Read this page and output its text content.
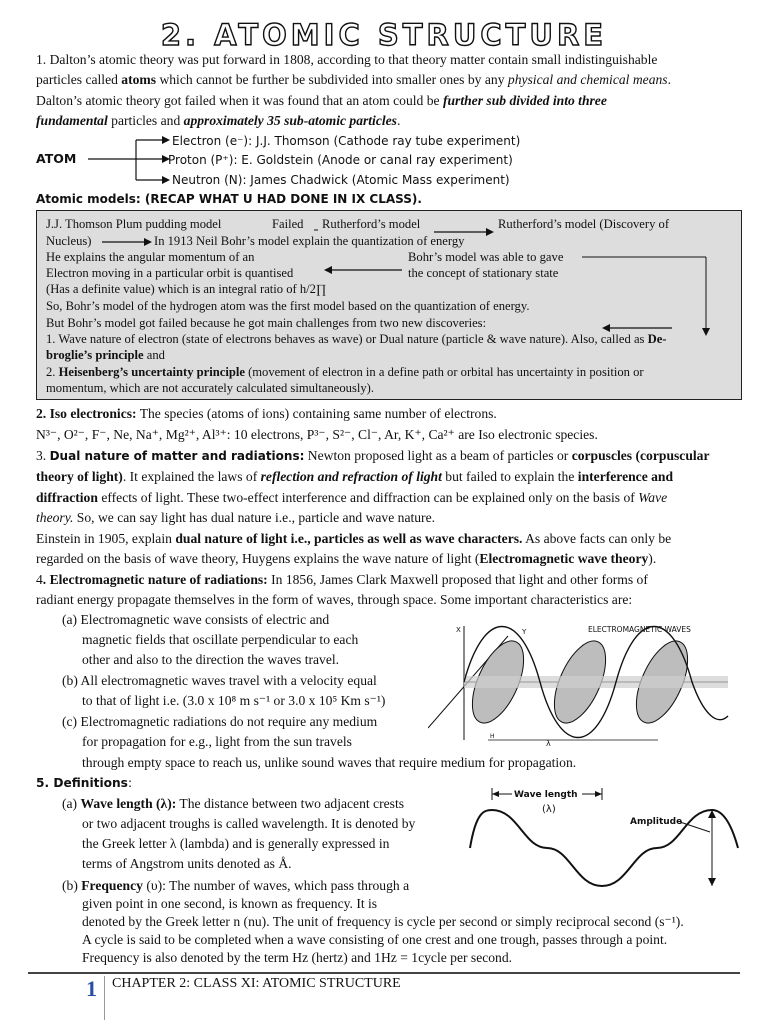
2. ATOMIC STRUCTURE
1. Dalton’s atomic theory was put forward in 1808, according to that theory matter contain small indistinguishable
particles called atoms which cannot be further be subdivided into smaller ones by any physical and chemical means.
Dalton’s atomic theory got failed when it was found that an atom could be further sub divided into three
fundamental particles and approximately 35 sub-atomic particles.
ATOM
Electron (e⁻): J.J. Thomson (Cathode ray tube experiment)
Proton (P⁺): E. Goldstein (Anode or canal ray experiment)
Neutron (N): James Chadwick (Atomic Mass experiment)
Atomic models: (RECAP WHAT U HAD DONE IN IX CLASS).
J.J. Thomson Plum pudding model	Failed Rutherford’s model	Rutherford’s model (Discovery of
Nucleus)	In 1913 Neil Bohr’s model explain the quantization of energy
He explains the angular momentum of an	Bohr’s model was able to gave
Electron moving in a particular orbit is quantised	the concept of stationary state
(Has a definite value) which is an integral ratio of h/2∏
So, Bohr’s model of the hydrogen atom was the first model based on the quantization of energy.
But Bohr’s model got failed because he got main challenges from two new discoveries:
1. Wave nature of electron (state of electrons behaves as wave) or Dual nature (particle & wave nature). Also, called as De-
broglie’s principle and
2. Heisenberg’s uncertainty principle (movement of electron in a define path or orbital has uncertainty in position or
momentum, which are not accurately calculated simultaneously).
2. Iso electronics: The species (atoms of ions) containing same number of electrons.
N³⁻, O²⁻, F⁻, Ne, Na⁺, Mg²⁺, Al³⁺: 10 electrons, P³⁻, S²⁻, Cl⁻, Ar, K⁺, Ca²⁺ are Iso electronic species.
3. Dual nature of matter and radiations: Newton proposed light as a beam of particles or corpuscles (corpuscular
theory of light). It explained the laws of reflection and refraction of light but failed to explain the interference and
diffraction effects of light. These two-effect interference and diffraction can be explained only on the basis of Wave
theory. So, we can say light has dual nature i.e., particle and wave nature.
Einstein in 1905, explain dual nature of light i.e., particles as well as wave characters. As above facts can only be
regarded on the basis of wave theory, Huygens explains the wave nature of light (Electromagnetic wave theory).
4. Electromagnetic nature of radiations: In 1856, James Clark Maxwell proposed that light and other forms of
radiant energy propagate themselves in the form of waves, through space. Some important characteristics are:
(a) Electromagnetic wave consists of electric and
magnetic fields that oscillate perpendicular to each
other and also to the direction the waves travel.
(b) All electromagnetic waves travel with a velocity equal
to that of light i.e. (3.0 x 10⁸ m s⁻¹ or 3.0 x 10⁵ Km s⁻¹)
(c) Electromagnetic radiations do not require any medium
for propagation for e.g., light from the sun travels
through empty space to reach us, unlike sound waves that require medium for propagation.
ELECTROMAGNETIC WAVES
X	Y
λ
H
5. Definitions:
(a) Wave length (λ): The distance between two adjacent crests
or two adjacent troughs is called wavelength. It is denoted by
the Greek letter λ (lambda) and is generally expressed in
terms of Angstrom units denoted as Å.
(b) Frequency (υ): The number of waves, which pass through a
given point in one second, is known as frequency. It is
denoted by the Greek letter n (nu). The unit of frequency is cycle per second or simply reciprocal second (s⁻¹).
A cycle is said to be completed when a wave consisting of one crest and one trough, passes through a point.
Frequency is also denoted by the term Hz (hertz) and 1Hz = 1cycle per second.
Wave length
(λ)
Amplitude
1 CHAPTER 2: CLASS XI: ATOMIC STRUCTURE
